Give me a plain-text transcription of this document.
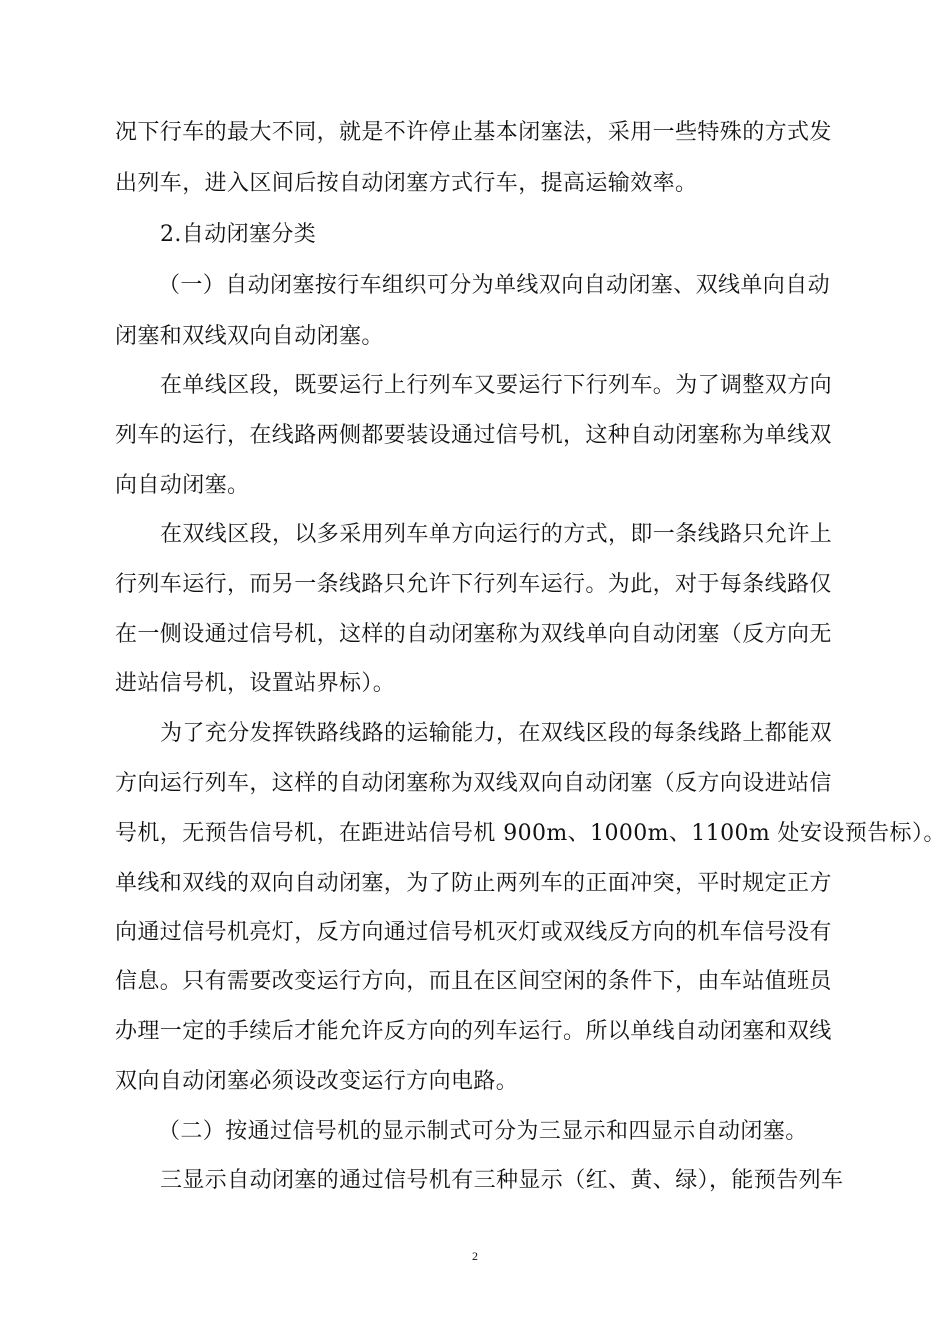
况下行车的最大不同，就是不许停止基本闭塞法，采用一些特殊的方式发
出列车，进入区间后按自动闭塞方式行车，提高运输效率。
2.自动闭塞分类
（一）自动闭塞按行车组织可分为单线双向自动闭塞、双线单向自动
闭塞和双线双向自动闭塞。
在单线区段，既要运行上行列车又要运行下行列车。为了调整双方向
列车的运行，在线路两侧都要装设通过信号机，这种自动闭塞称为单线双
向自动闭塞。
在双线区段，以多采用列车单方向运行的方式，即一条线路只允许上
行列车运行，而另一条线路只允许下行列车运行。为此，对于每条线路仅
在一侧设通过信号机，这样的自动闭塞称为双线单向自动闭塞（反方向无
进站信号机，设置站界标）。
为了充分发挥铁路线路的运输能力，在双线区段的每条线路上都能双
方向运行列车，这样的自动闭塞称为双线双向自动闭塞（反方向设进站信
号机，无预告信号机，在距进站信号机 900m、1000m、1100m 处安设预告标）。
单线和双线的双向自动闭塞，为了防止两列车的正面冲突，平时规定正方
向通过信号机亮灯，反方向通过信号机灭灯或双线反方向的机车信号没有
信息。只有需要改变运行方向，而且在区间空闲的条件下，由车站值班员
办理一定的手续后才能允许反方向的列车运行。所以单线自动闭塞和双线
双向自动闭塞必须设改变运行方向电路。
（二）按通过信号机的显示制式可分为三显示和四显示自动闭塞。
三显示自动闭塞的通过信号机有三种显示（红、黄、绿），能预告列车
2
